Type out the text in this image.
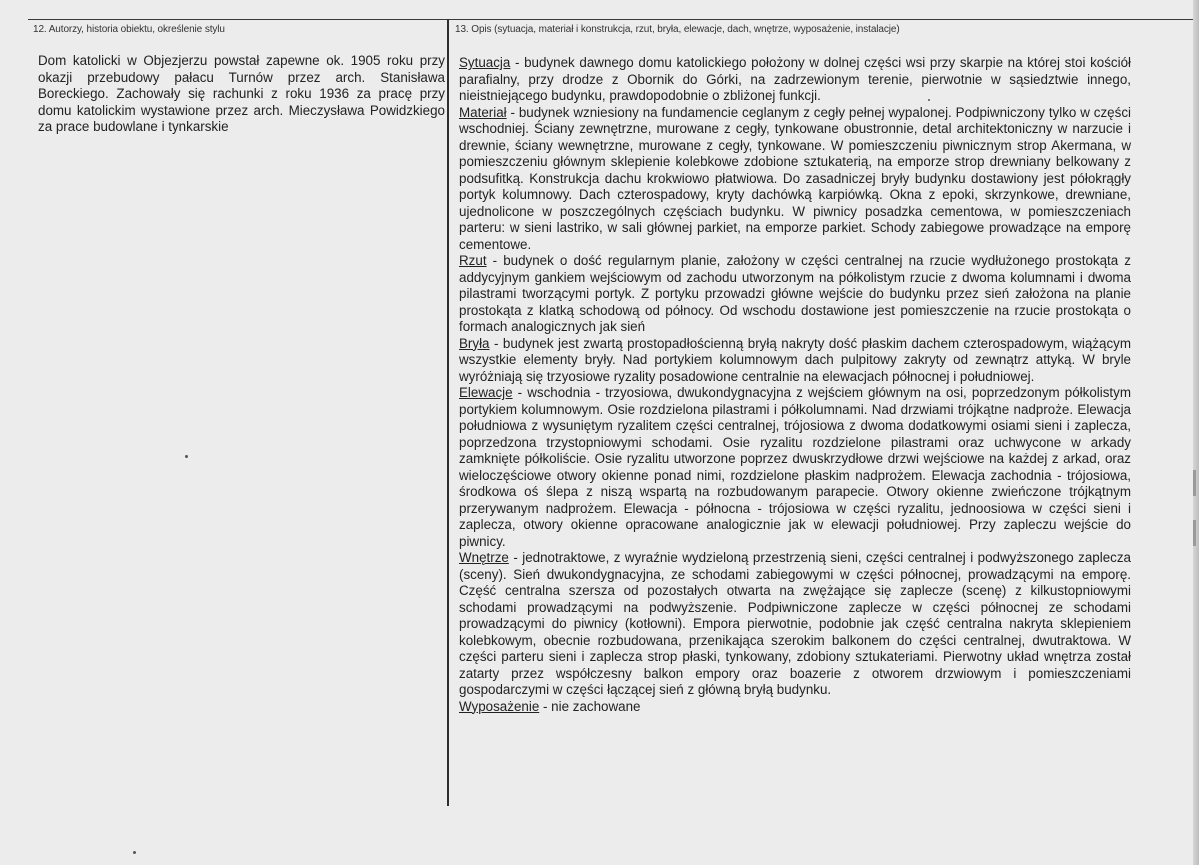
12. Autorzy, historia obiektu, określenie stylu	13. Opis (sytuacja, materiał i konstrukcja, rzut, bryła, elewacje, dach, wnętrze, wyposażenie, instalacje)
Dom katolicki w Objezjerzu powstał zapewne ok. 1905 roku przy okazji przebudowy pałacu Turnów przez arch. Stanisława Boreckiego. Zachowały się rachunki z roku 1936 za pracę przy domu katolickim wystawione przez arch. Mieczysława Powidzkiego za prace budowlane i tynkarskie

Sytuacja - budynek dawnego domu katolickiego położony w dolnej części wsi przy skarpie na której stoi kościół parafialny, przy drodze z Obornik do Górki, na zadrzewionym terenie, pierwotnie w sąsiedztwie innego, nieistniejącego budynku, prawdopodobnie o zbliżonej funkcji.

Materiał - budynek wzniesiony na fundamencie ceglanym z cegły pełnej wypalonej. Podpiwniczony tylko w części wschodniej. Ściany zewnętrzne, murowane z cegły, tynkowane obustronnie, detal architektoniczny w narzucie i drewnie, ściany wewnętrzne, murowane z cegły, tynkowane. W pomieszczeniu piwnicznym strop Akermana, w pomieszczeniu głównym sklepienie kolebkowe zdobione sztukaterią, na emporze strop drewniany belkowany z podsufitką. Konstrukcja dachu krokwiowo płatwiowa. Do zasadniczej bryły budynku dostawiony jest półokrągły portyk kolumnowy. Dach czterospadowy, kryty dachówką karpiówką. Okna z epoki, skrzynkowe, drewniane, ujednolicone w poszczególnych częściach budynku. W piwnicy posadzka cementowa, w pomieszczeniach parteru: w sieni lastriko, w sali głównej parkiet, na emporze parkiet. Schody zabiegowe prowadzące na emporę cementowe.

Rzut - budynek o dość regularnym planie, założony w części centralnej na rzucie wydłużonego prostokąta z addycyjnym gankiem wejściowym od zachodu utworzonym na półkolistym rzucie z dwoma kolumnami i dwoma pilastrami tworzącymi portyk. Z portyku przowadzi główne wejście do budynku przez sień założona na planie prostokąta z klatką schodową od północy. Od wschodu dostawione jest pomieszczenie na rzucie prostokąta o formach analogicznych jak sień

Bryła - budynek jest zwartą prostopadłościenną bryłą nakryty dość płaskim dachem czterospadowym, wiążącym wszystkie elementy bryły. Nad portykiem kolumnowym dach pulpitowy zakryty od zewnątrz attyką. W bryle wyróżniają się trzyosiowe ryzality posadowione centralnie na elewacjach północnej i południowej.

Elewacje - wschodnia - trzyosiowa, dwukondygnacyjna z wejściem głównym na osi, poprzedzonym półkolistym portykiem kolumnowym. Osie rozdzielona pilastrami i półkolumnami. Nad drzwiami trójkątne nadproże. Elewacja południowa z wysuniętym ryzalitem części centralnej, trójosiowa z dwoma dodatkowymi osiami sieni i zaplecza, poprzedzona trzystopniowymi schodami. Osie ryzalitu rozdzielone pilastrami oraz uchwycone w arkady zamknięte półkoliście. Osie ryzalitu utworzone poprzez dwuskrzydłowe drzwi wejściowe na każdej z arkad, oraz wieloczęściowe otwory okienne ponad nimi, rozdzielone płaskim nadprożem. Elewacja zachodnia - trójosiowa, środkowa oś ślepa z niszą wspartą na rozbudowanym parapecie. Otwory okienne zwieńczone trójkątnym przerywanym nadprożem. Elewacja - północna - trójosiowa w części ryzalitu, jednoosiowa w części sieni i zaplecza, otwory okienne opracowane analogicznie jak w elewacji południowej. Przy zapleczu wejście do piwnicy.

Wnętrze - jednotraktowe, z wyraźnie wydzieloną przestrzenią sieni, części centralnej i podwyższonego zaplecza (sceny). Sień dwukondygnacyjna, ze schodami zabiegowymi w części północnej, prowadzącymi na emporę. Część centralna szersza od pozostałych otwarta na zwężające się zaplecze (scenę) z kilkustopniowymi schodami prowadzącymi na podwyższenie. Podpiwniczone zaplecze w części północnej ze schodami prowadzącymi do piwnicy (kotłowni). Empora pierwotnie, podobnie jak część centralna nakryta sklepieniem kolebkowym, obecnie rozbudowana, przenikająca szerokim balkonem do części centralnej, dwutraktowa. W części parteru sieni i zaplecza strop płaski, tynkowany, zdobiony sztukateriami. Pierwotny układ wnętrza został zatarty przez współczesny balkon empory oraz boazerie z otworem drzwiowym i pomieszczeniami gospodarczymi w części łączącej sień z główną bryłą budynku.

Wyposażenie - nie zachowane
